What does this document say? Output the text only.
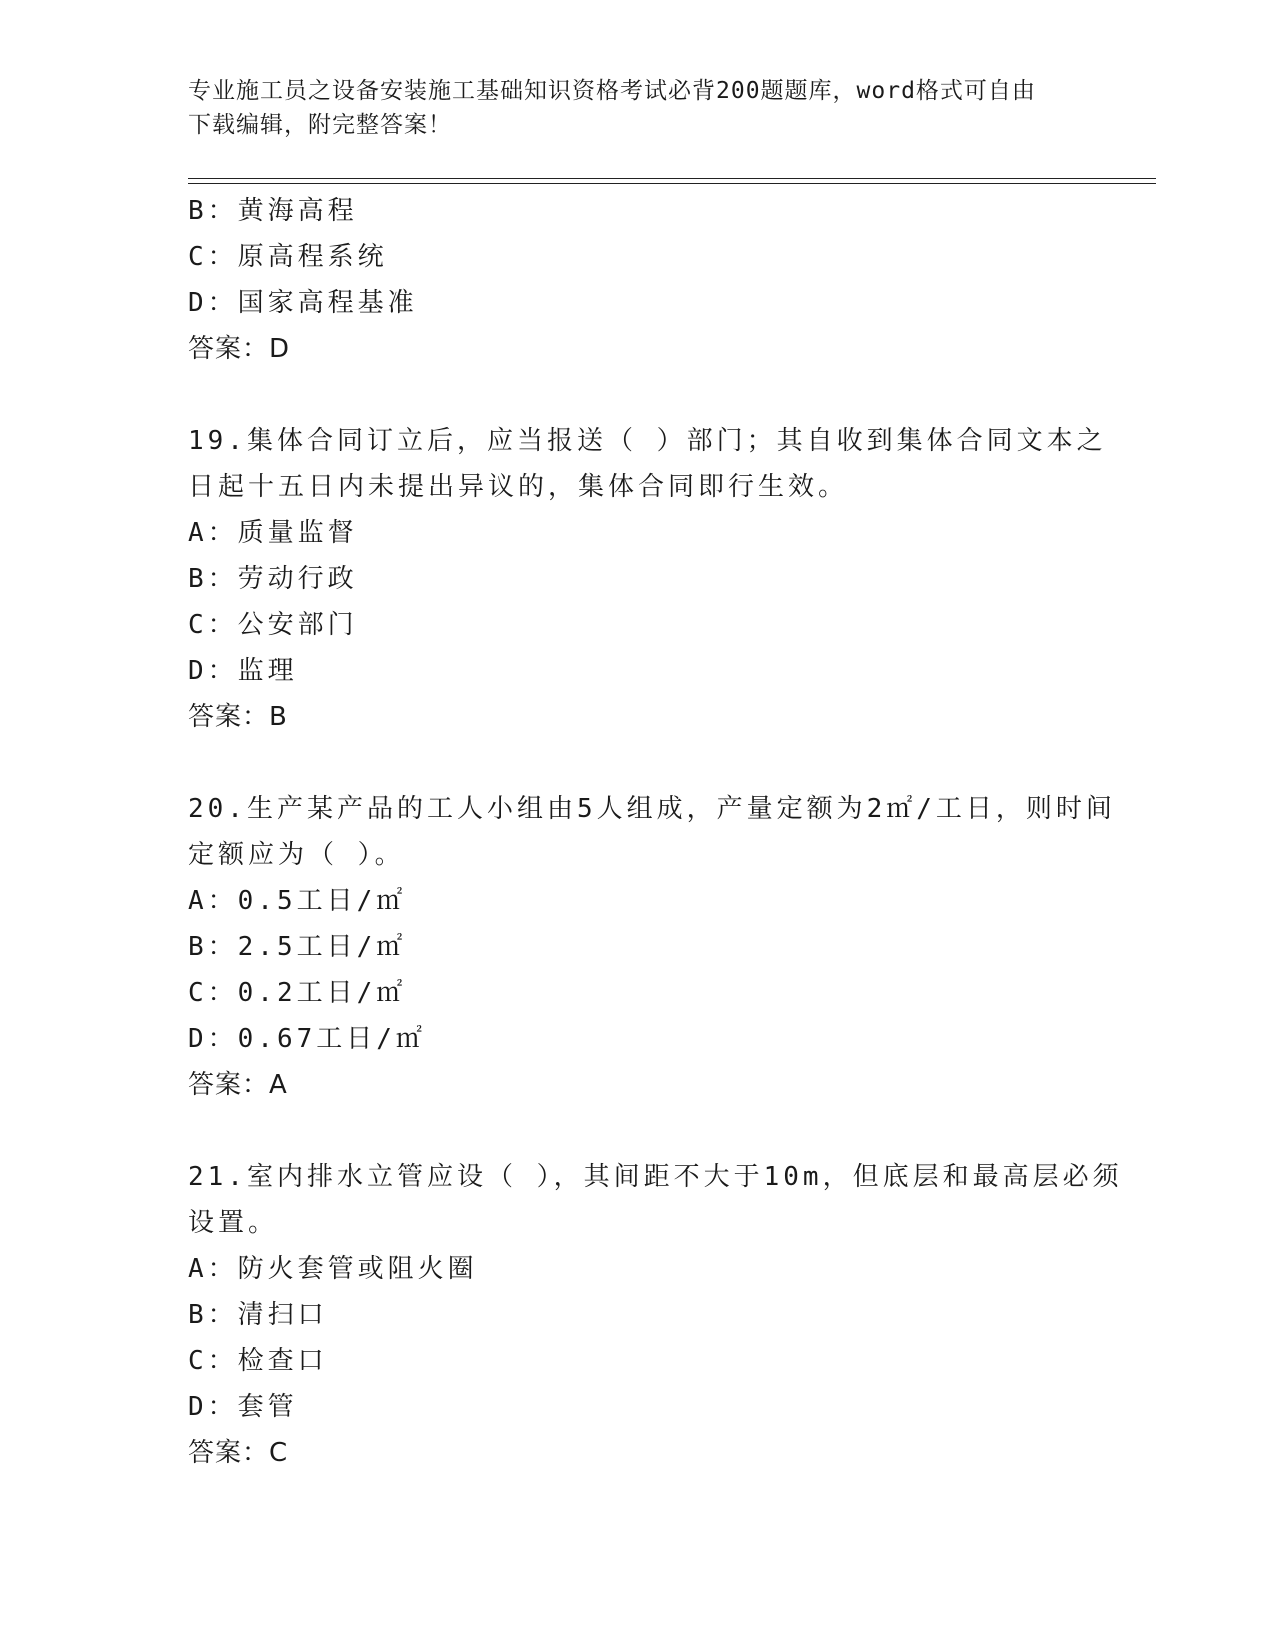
专业施工员之设备安装施工基础知识资格考试必背200题题库，word格式可自由
下载编辑，附完整答案！
B：黄海高程
C：原高程系统
D：国家高程基准
答案：D
19.集体合同订立后，应当报送（ ）部门；其自收到集体合同文本之
日起十五日内未提出异议的，集体合同即行生效。
A：质量监督
B：劳动行政
C：公安部门
D：监理
答案：B
20.生产某产品的工人小组由5人组成，产量定额为2㎡/工日，则时间
定额应为（ ）。
A：0.5工日/㎡
B：2.5工日/㎡
C：0.2工日/㎡
D：0.67工日/㎡
答案：A
21.室内排水立管应设（ ），其间距不大于10m，但底层和最高层必须
设置。
A：防火套管或阻火圈
B：清扫口
C：检查口
D：套管
答案：C
